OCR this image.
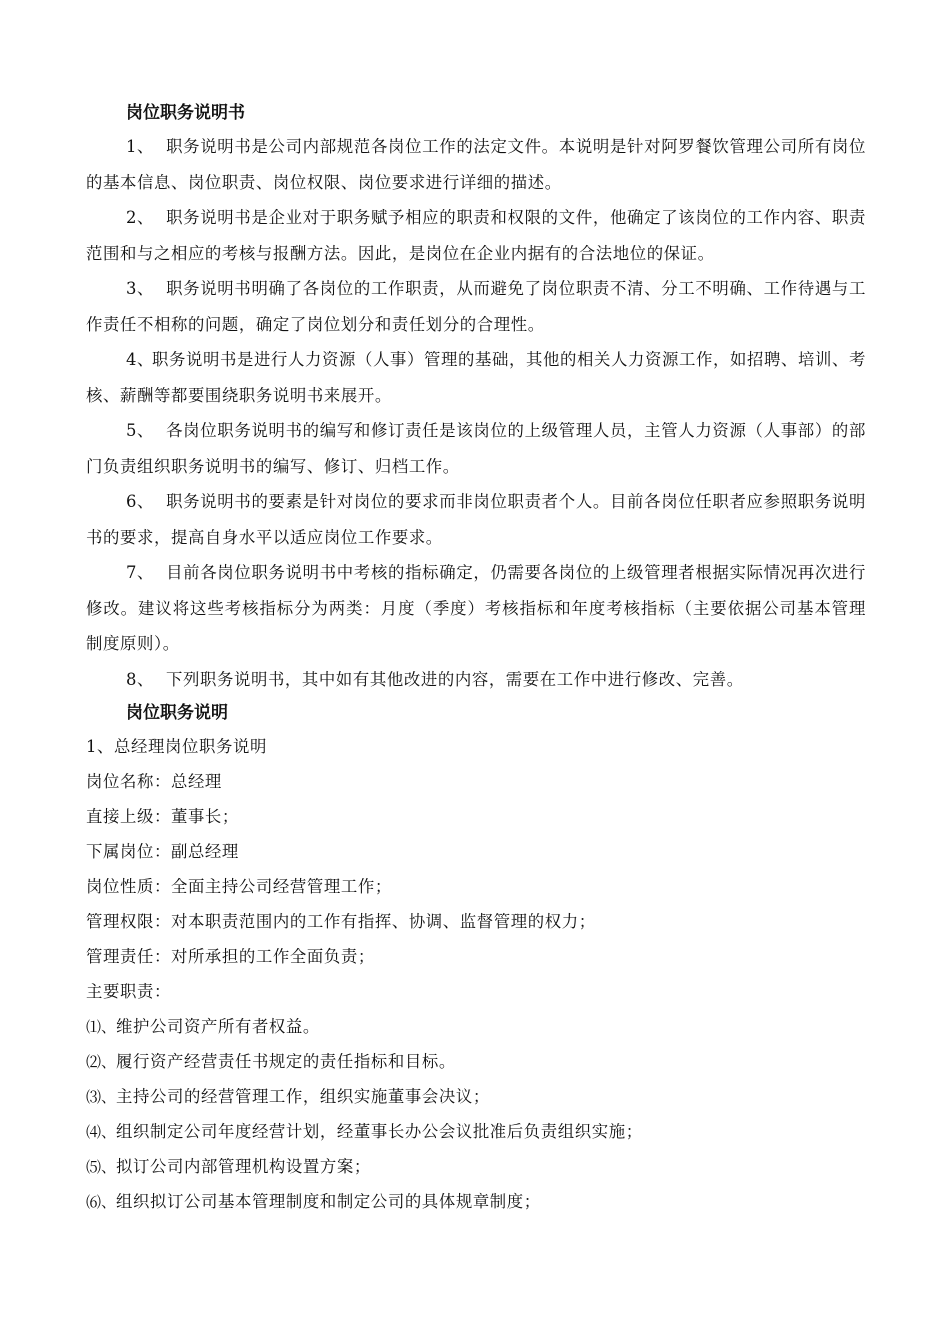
岗位职务说明书
1、 职务说明书是公司内部规范各岗位工作的法定文件。本说明是针对阿罗餐饮管理公司所有岗位的基本信息、岗位职责、岗位权限、岗位要求进行详细的描述。
2、 职务说明书是企业对于职务赋予相应的职责和权限的文件，他确定了该岗位的工作内容、职责范围和与之相应的考核与报酬方法。因此，是岗位在企业内据有的合法地位的保证。
3、 职务说明书明确了各岗位的工作职责，从而避免了岗位职责不清、分工不明确、工作待遇与工作责任不相称的问题，确定了岗位划分和责任划分的合理性。
4、职务说明书是进行人力资源（人事）管理的基础，其他的相关人力资源工作，如招聘、培训、考核、薪酬等都要围绕职务说明书来展开。
5、 各岗位职务说明书的编写和修订责任是该岗位的上级管理人员，主管人力资源（人事部）的部门负责组织职务说明书的编写、修订、归档工作。
6、 职务说明书的要素是针对岗位的要求而非岗位职责者个人。目前各岗位任职者应参照职务说明书的要求，提高自身水平以适应岗位工作要求。
7、 目前各岗位职务说明书中考核的指标确定，仍需要各岗位的上级管理者根据实际情况再次进行修改。建议将这些考核指标分为两类：月度（季度）考核指标和年度考核指标（主要依据公司基本管理制度原则）。
8、 下列职务说明书，其中如有其他改进的内容，需要在工作中进行修改、完善。
岗位职务说明
1、总经理岗位职务说明
岗位名称：总经理
直接上级：董事长；
下属岗位：副总经理
岗位性质：全面主持公司经营管理工作；
管理权限：对本职责范围内的工作有指挥、协调、监督管理的权力；
管理责任：对所承担的工作全面负责；
主要职责：
⑴、维护公司资产所有者权益。
⑵、履行资产经营责任书规定的责任指标和目标。
⑶、主持公司的经营管理工作，组织实施董事会决议；
⑷、组织制定公司年度经营计划，经董事长办公会议批准后负责组织实施；
⑸、拟订公司内部管理机构设置方案；
⑹、组织拟订公司基本管理制度和制定公司的具体规章制度；
